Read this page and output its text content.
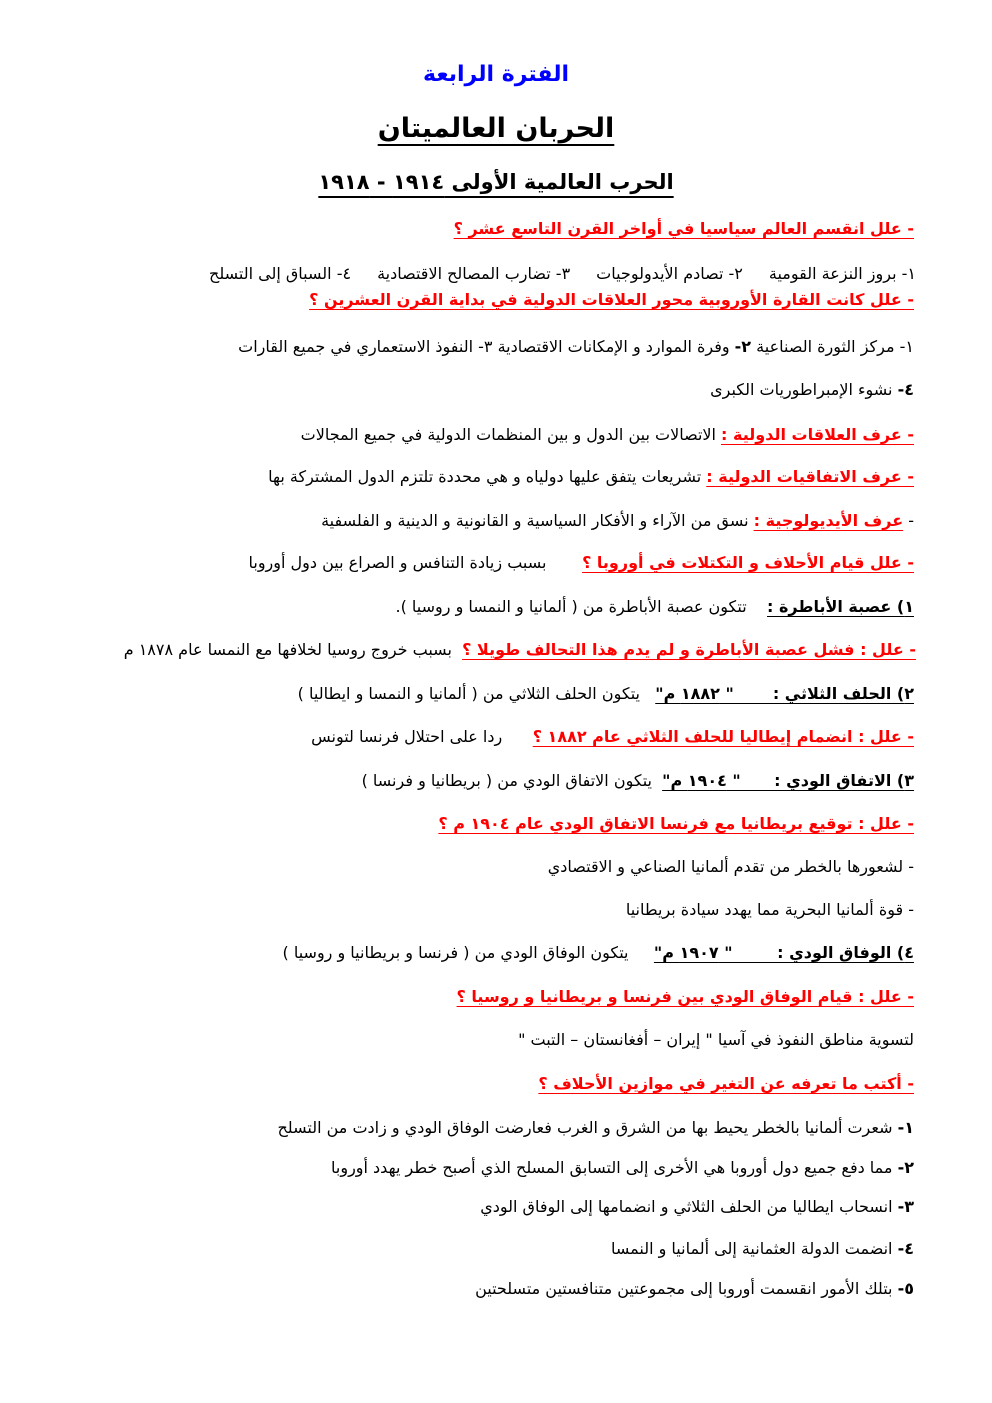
الفترة الرابعة
الحربان العالميتان
الحرب العالمية الأولى ١٩١٤ - ١٩١٨
- علل انقسم العالم سياسيا في أواخر القرن التاسع عشر ؟
١- بروز النزعة القومية٢- تصادم الأيدولوجيات٣- تضارب المصالح الاقتصادية٤- السباق إلى التسلح
- علل كانت القارة الأوروبية محور العلاقات الدولية في بداية القرن العشرين ؟
١- مركز الثورة الصناعية ٢- وفرة الموارد و الإمكانات الاقتصادية ٣- النفوذ الاستعماري في جميع القارات
٤- نشوء الإمبراطوريات الكبرى
- عرف العلاقات الدولية : الاتصالات بين الدول و بين المنظمات الدولية في جميع المجالات
- عرف الاتفاقيات الدولية : تشريعات يتفق عليها دولياه و هي محددة تلتزم الدول المشتركة بها
- عرف الأيديولوجية : نسق من الآراء و الأفكار السياسية و القانونية و الدينية و الفلسفية
- علل قيام الأحلاف و التكتلات في أوروبا ؟       بسبب زيادة التنافس و الصراع بين دول أوروبا
١) عصبة الأباطرة :    تتكون عصبة الأباطرة من ( ألمانيا و النمسا و روسيا ).
- علل : فشل عصبة الأباطرة و لم يدم هذا التحالف طويلا ؟  بسبب خروج روسيا لخلافها مع النمسا عام ١٨٧٨ م
٢) الحلف الثلاثي :       " ١٨٨٢ م"   يتكون الحلف الثلاثي من ( ألمانيا و النمسا و ايطاليا )
- علل : انضمام إيطاليا للحلف الثلاثي عام ١٨٨٢ ؟      ردا على احتلال فرنسا لتونس
٣) الاتفاق الودي :      " ١٩٠٤ م"  يتكون الاتفاق الودي من ( بريطانيا و فرنسا )
- علل : توقيع بريطانيا مع فرنسا الاتفاق الودي عام ١٩٠٤ م ؟
- لشعورها بالخطر من تقدم ألمانيا الصناعي و الاقتصادي
- قوة ألمانيا البحرية مما يهدد سيادة بريطانيا
٤) الوفاق الودي :        " ١٩٠٧ م"     يتكون الوفاق الودي من ( فرنسا و بريطانيا و روسيا )
- علل : قيام الوفاق الودي بين فرنسا و بريطانيا و روسيا ؟
لتسوية مناطق النفوذ في آسيا " إيران – أفغانستان – التبت "
- أكتب ما تعرفه عن التغير في موازين الأحلاف ؟
١- شعرت ألمانيا بالخطر يحيط بها من الشرق و الغرب فعارضت الوفاق الودي و زادت من التسلح
٢- مما دفع جميع دول أوروبا هي الأخرى إلى التسابق المسلح الذي أصبح خطر يهدد أوروبا
٣- انسحاب ايطاليا من الحلف الثلاثي و انضمامها إلى الوفاق الودي
٤- انضمت الدولة العثمانية إلى ألمانيا و النمسا
٥- بتلك الأمور انقسمت أوروبا إلى مجموعتين متنافستين متسلحتين
